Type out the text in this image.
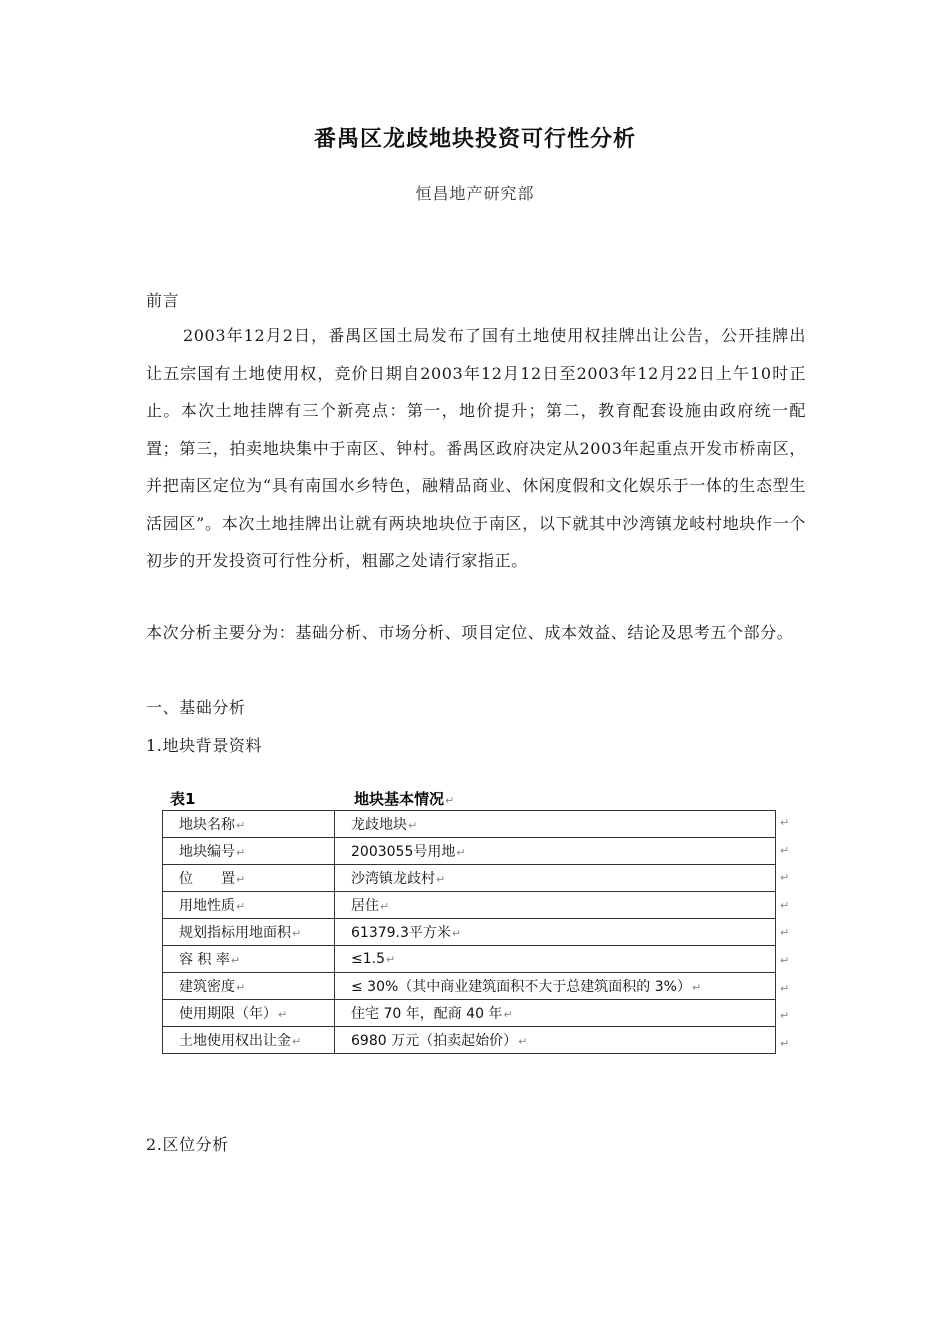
番禺区龙歧地块投资可行性分析
恒昌地产研究部
前言
2003年12月2日，番禺区国土局发布了国有土地使用权挂牌出让公告，公开挂牌出让五宗国有土地使用权，竞价日期自2003年12月12日至2003年12月22日上午10时正止。本次土地挂牌有三个新亮点：第一，地价提升；第二，教育配套设施由政府统一配置；第三，拍卖地块集中于南区、钟村。番禺区政府决定从2003年起重点开发市桥南区，并把南区定位为“具有南国水乡特色，融精品商业、休闲度假和文化娱乐于一体的生态型生活园区”。本次土地挂牌出让就有两块地块位于南区，以下就其中沙湾镇龙岐村地块作一个初步的开发投资可行性分析，粗鄙之处请行家指正。
本次分析主要分为：基础分析、市场分析、项目定位、成本效益、结论及思考五个部分。
一、基础分析
1.地块背景资料
表1	地块基本情况↵
地块名称↵	龙歧地块↵
地块编号↵	2003055号用地↵
位　　置↵	沙湾镇龙歧村↵
用地性质↵	居住↵
规划指标用地面积↵	61379.3平方米↵
容 积 率↵	≤1.5↵
建筑密度↵	≤ 30%（其中商业建筑面积不大于总建筑面积的 3%）↵
使用期限（年）↵	住宅 70 年，配商 40 年↵
土地使用权出让金↵	6980 万元（拍卖起始价）↵
↵
↵
↵
↵
↵
↵
↵
↵
↵
2.区位分析
